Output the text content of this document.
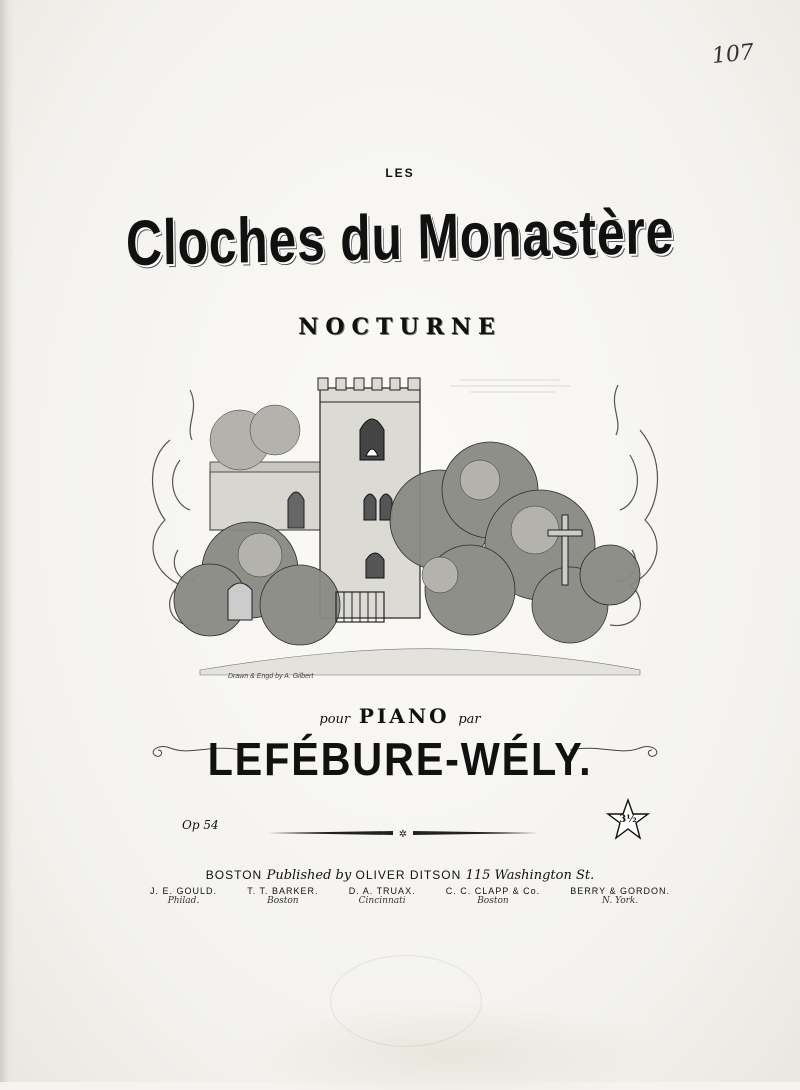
107
LES
Cloches du Monastère
NOCTURNE
Drawn & Engd by A. Gilbert
pour PIANO par
LEFÉBURE-WÉLY.
Op 54
✲
3½
BOSTON Published by OLIVER DITSON 115 Washington St.
J. E. GOULD.
Philad.
T. T. BARKER.
Boston
D. A. TRUAX.
Cincinnati
C. C. CLAPP & Co.
Boston
BERRY & GORDON.
N. York.
